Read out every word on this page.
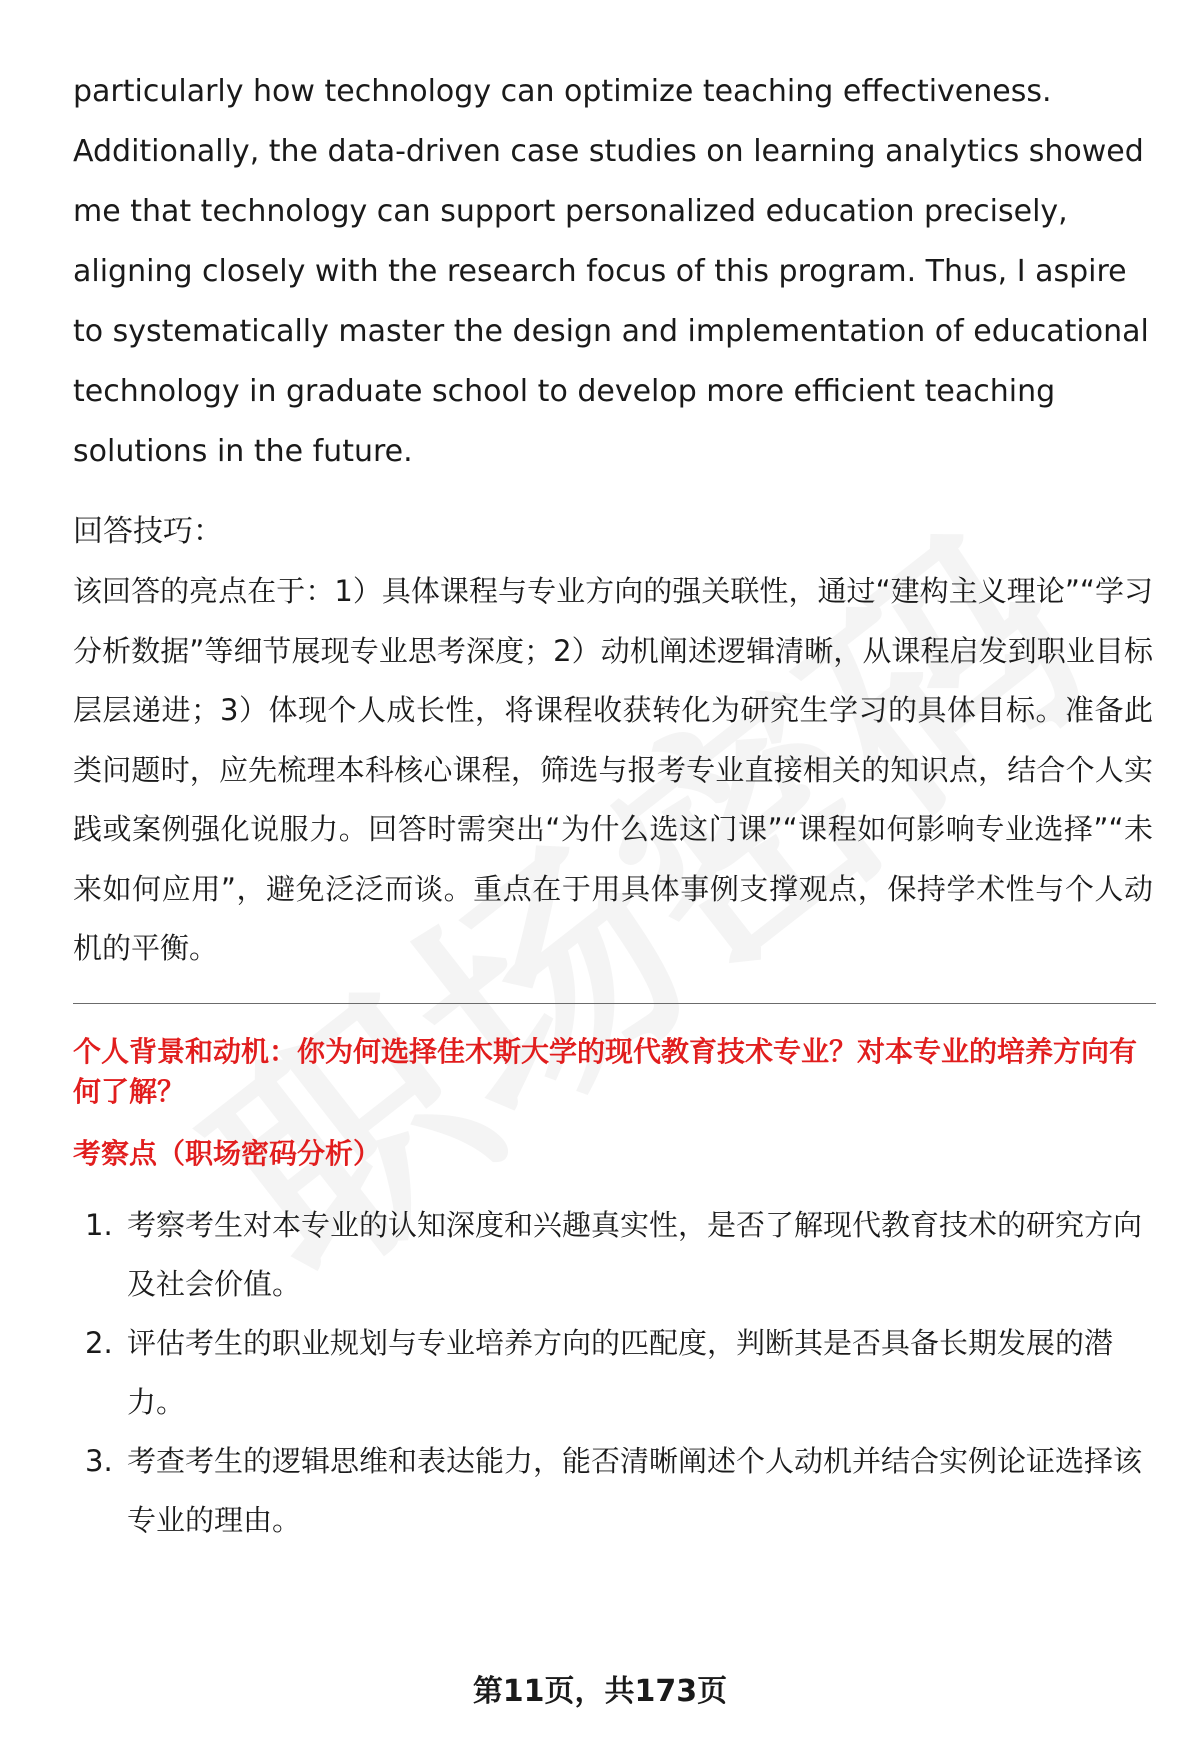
particularly how technology can optimize teaching effectiveness. Additionally, the data-driven case studies on learning analytics showed me that technology can support personalized education precisely, aligning closely with the research focus of this program. Thus, I aspire to systematically master the design and implementation of educational technology in graduate school to develop more efficient teaching solutions in the future.

回答技巧：

该回答的亮点在于：1）具体课程与专业方向的强关联性，通过“建构主义理论”“学习分析数据”等细节展现专业思考深度；2）动机阐述逻辑清晰，从课程启发到职业目标层层递进；3）体现个人成长性，将课程收获转化为研究生学习的具体目标。准备此类问题时，应先梳理本科核心课程，筛选与报考专业直接相关的知识点，结合个人实践或案例强化说服力。回答时需突出“为什么选这门课”“课程如何影响专业选择”“未来如何应用”，避免泛泛而谈。重点在于用具体事例支撑观点，保持学术性与个人动机的平衡。

个人背景和动机：你为何选择佳木斯大学的现代教育技术专业？对本专业的培养方向有何了解？

考察点（职场密码分析）

1. 考察考生对本专业的认知深度和兴趣真实性，是否了解现代教育技术的研究方向及社会价值。
2. 评估考生的职业规划与专业培养方向的匹配度，判断其是否具备长期发展的潜力。
3. 考查考生的逻辑思维和表达能力，能否清晰阐述个人动机并结合实例论证选择该专业的理由。
第11页，共173页
